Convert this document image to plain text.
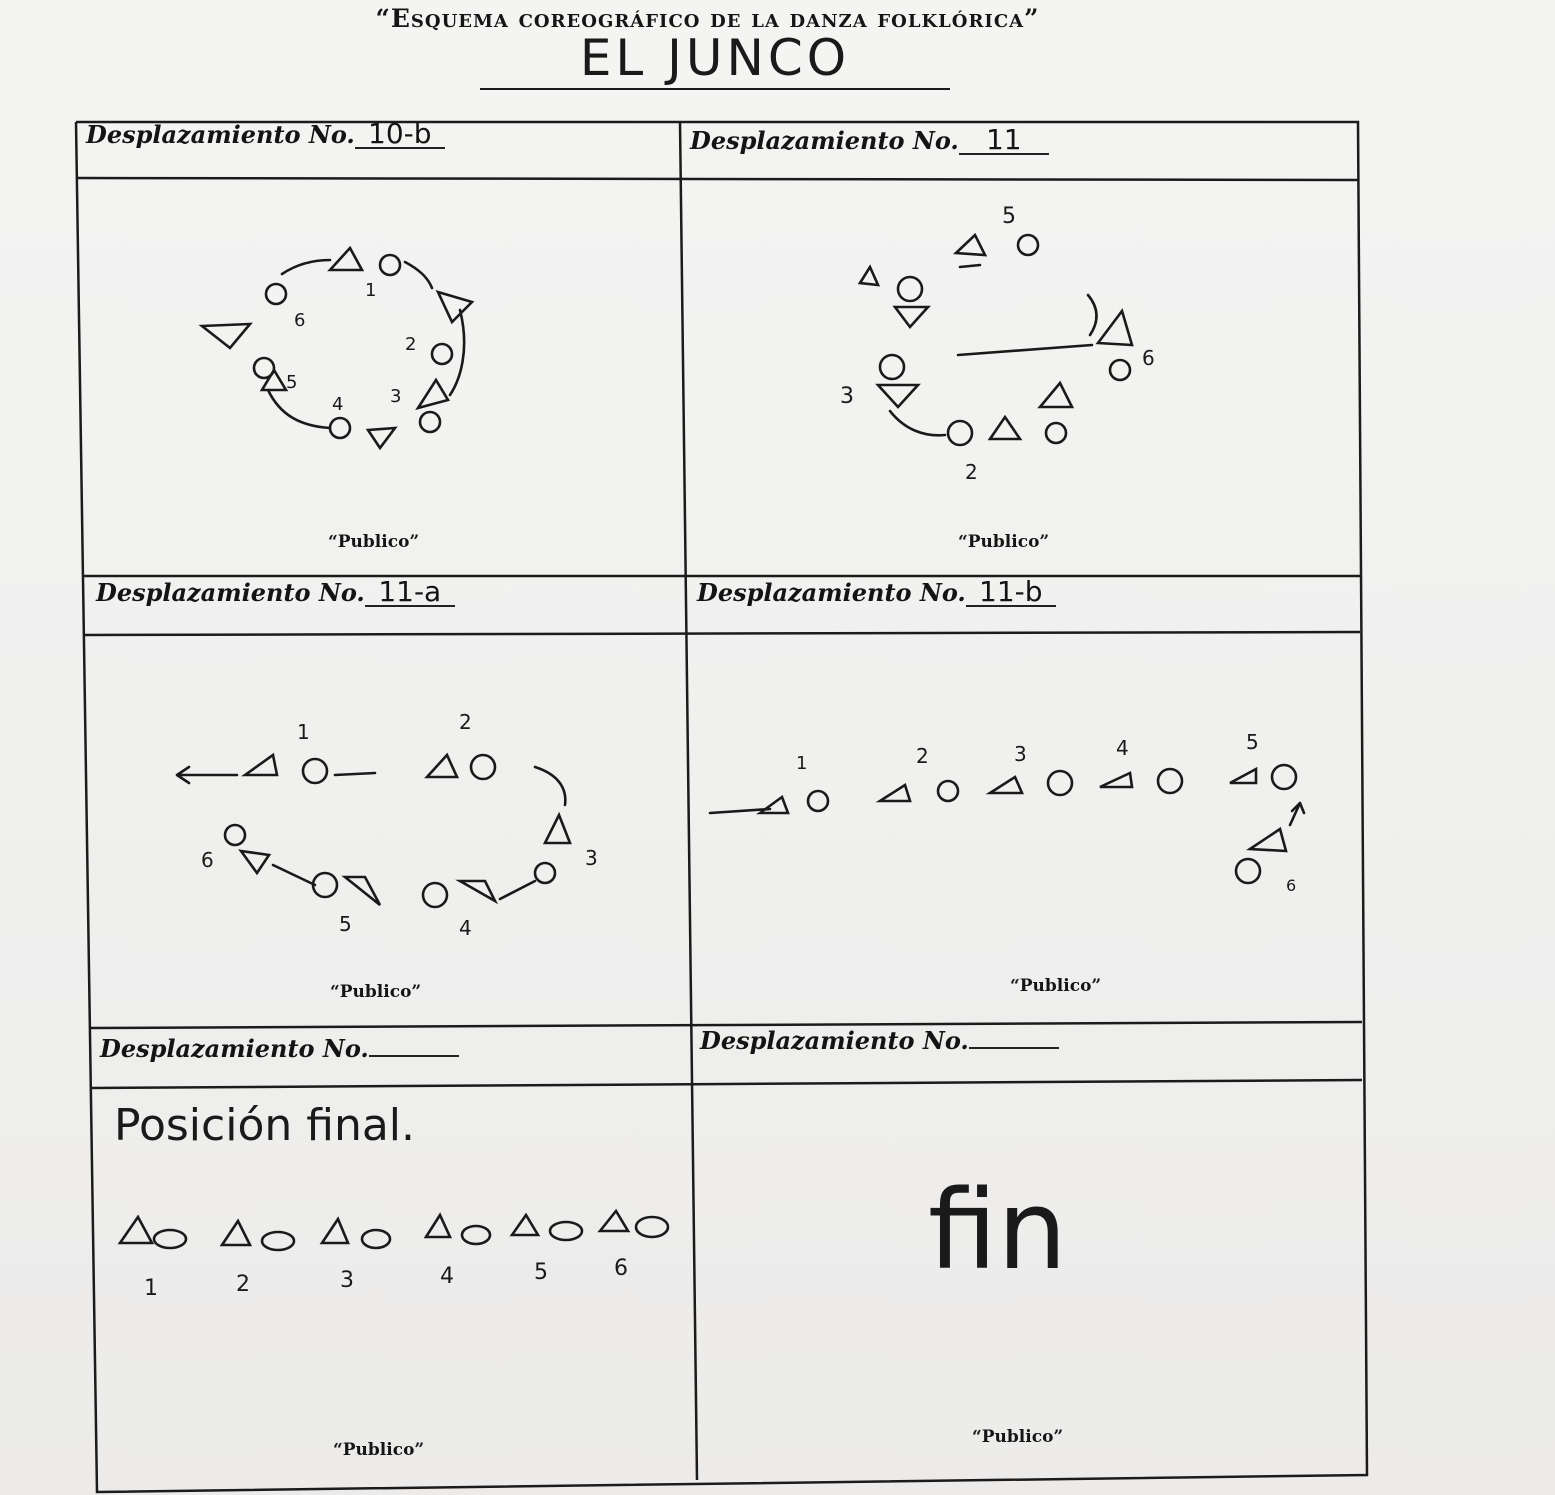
“Esquema coreográfico de la danza folklórica”
EL JUNCO
Desplazamiento No. 10-b
1
2
3
4
5
6
“Publico”
Desplazamiento No. 11
5
6
3
2
“Publico”
Desplazamiento No. 11-a
1	2
3
4
5
6
“Publico”
Desplazamiento No. 11-b
1	2	3	4	5
6
“Publico”
Desplazamiento No.
Posición final.
1	2	3	4	5	6
“Publico”
Desplazamiento No.
fin
“Publico”
